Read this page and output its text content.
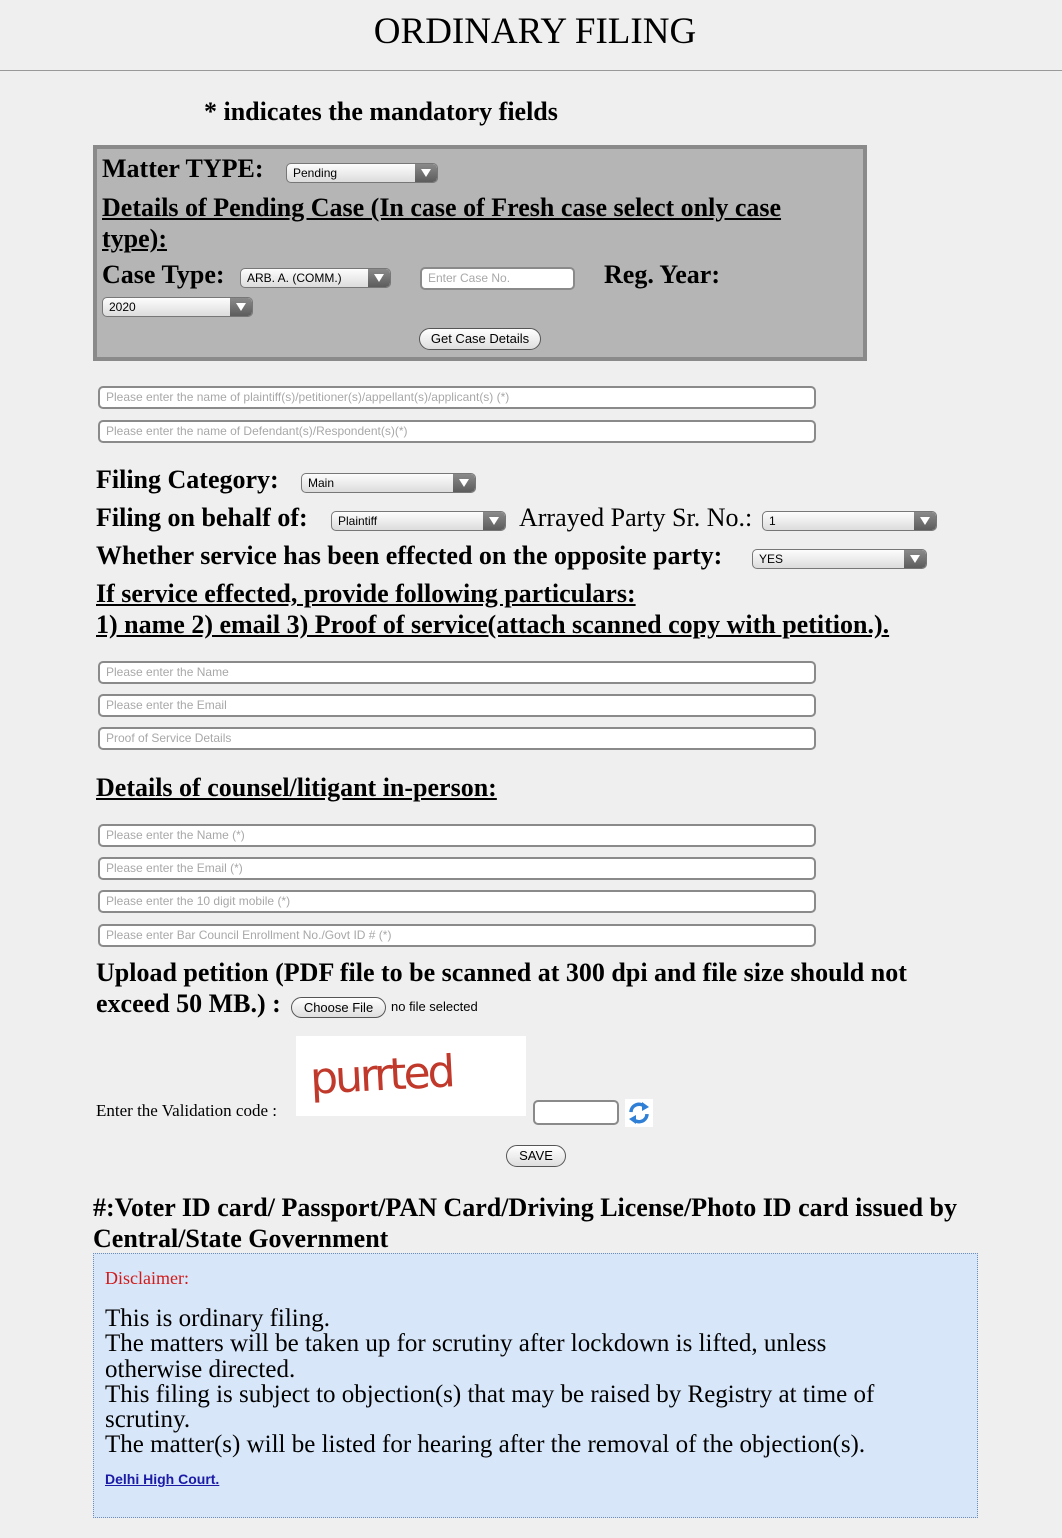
ORDINARY FILING
* indicates the mandatory fields
Matter TYPE:	Pending
Details of Pending Case (In case of Fresh case select only case
type):
Case Type:	ARB. A. (COMM.)	Enter Case No.	Reg. Year:
2020
Get Case Details
Please enter the name of plaintiff(s)/petitioner(s)/appellant(s)/applicant(s) (*)
Please enter the name of Defendant(s)/Respondent(s)(*)
Filing Category:	Main
Filing on behalf of:	Plaintiff	Arrayed Party Sr. No.:	1
Whether service has been effected on the opposite party:	YES
If service effected, provide following particulars:
1) name 2) email 3) Proof of service(attach scanned copy with petition.).
Please enter the Name
Please enter the Email
Proof of Service Details
Details of counsel/litigant in-person:
Please enter the Name (*)
Please enter the Email (*)
Please enter the 10 digit mobile (*)
Please enter Bar Council Enrollment No./Govt ID # (*)
Upload petition (PDF file to be scanned at 300 dpi and file size should not
exceed 50 MB.) :	Choose File	no file selected
Enter the Validation code :
purrted
SAVE
#:Voter ID card/ Passport/PAN Card/Driving License/Photo ID card issued by
Central/State Government
Disclaimer:
This is ordinary filing.
The matters will be taken up for scrutiny after lockdown is lifted, unless
otherwise directed.
This filing is subject to objection(s) that may be raised by Registry at time of
scrutiny.
The matter(s) will be listed for hearing after the removal of the objection(s).
Delhi High Court.
